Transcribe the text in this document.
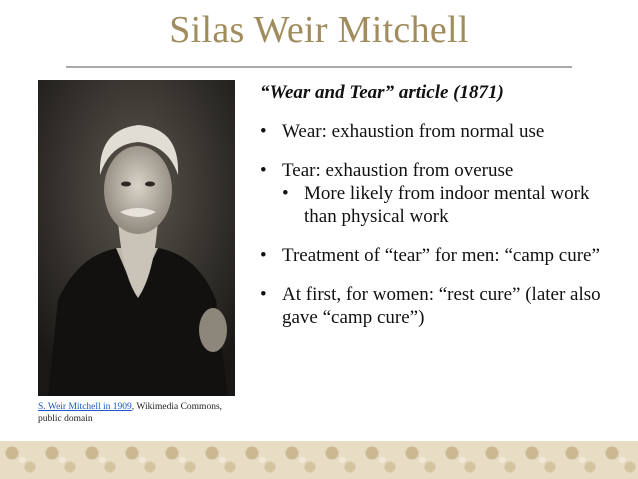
Silas Weir Mitchell
S. Weir Mitchell in 1909, Wikimedia Commons, public domain
“Wear and Tear” article (1871)
• Wear: exhaustion from normal use
• Tear: exhaustion from overuse
• More likely from indoor mental work than physical work
• Treatment of “tear” for men: “camp cure”
• At first, for women: “rest cure” (later also gave “camp cure”)
